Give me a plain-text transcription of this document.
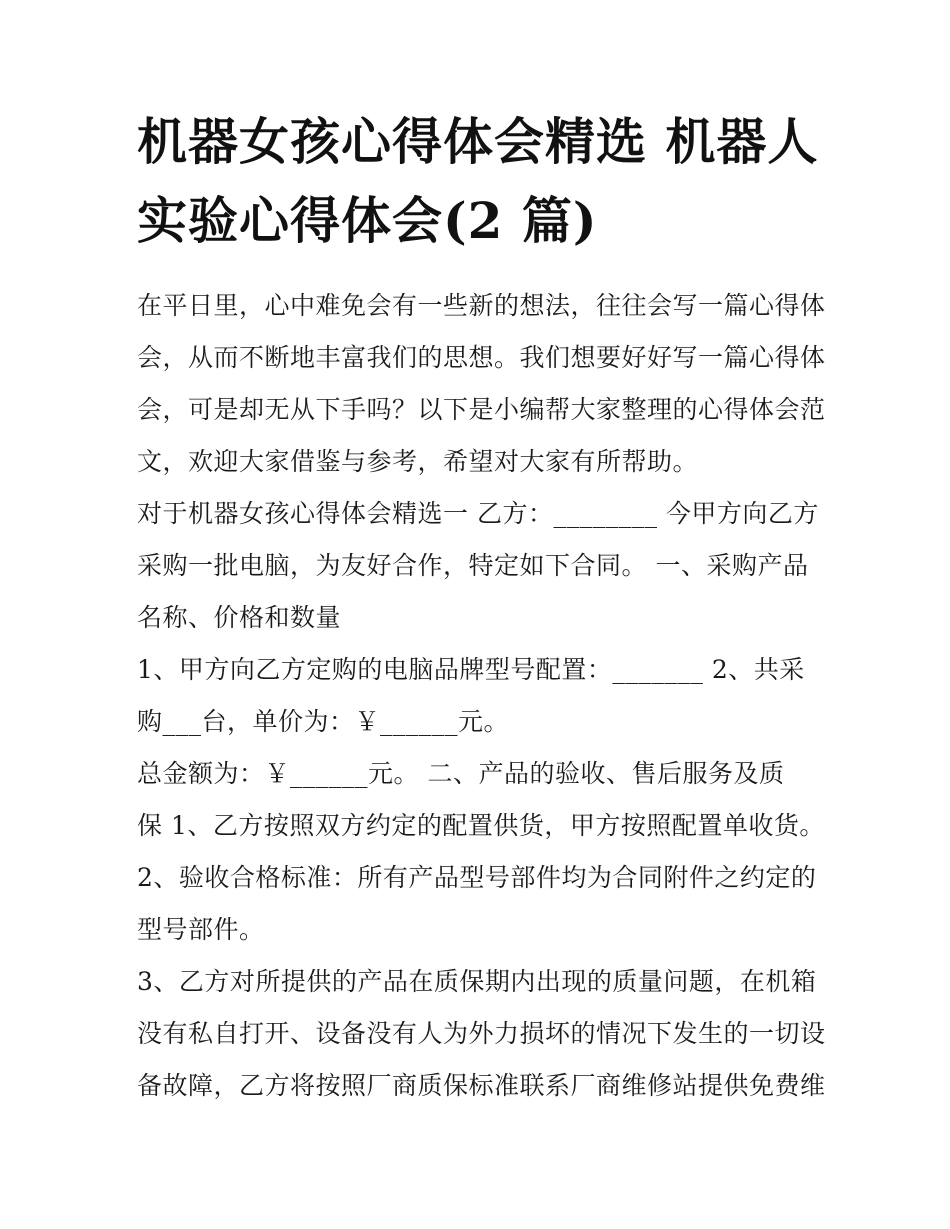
机器女孩心得体会精选 机器人
实验心得体会(2 篇)
在平日里，心中难免会有一些新的想法，往往会写一篇心得体
会，从而不断地丰富我们的思想。我们想要好好写一篇心得体
会，可是却无从下手吗？以下是小编帮大家整理的心得体会范
文，欢迎大家借鉴与参考，希望对大家有所帮助。
对于机器女孩心得体会精选一 乙方：________ 今甲方向乙方
采购一批电脑，为友好合作，特定如下合同。 一、采购产品
名称、价格和数量
1、甲方向乙方定购的电脑品牌型号配置：_______ 2、共采
购___台，单价为：￥______元。
总金额为：￥______元。 二、产品的验收、售后服务及质
保 1、乙方按照双方约定的配置供货，甲方按照配置单收货。
2、验收合格标准：所有产品型号部件均为合同附件之约定的
型号部件。
3、乙方对所提供的产品在质保期内出现的质量问题，在机箱
没有私自打开、设备没有人为外力损坏的情况下发生的一切设
备故障，乙方将按照厂商质保标准联系厂商维修站提供免费维
